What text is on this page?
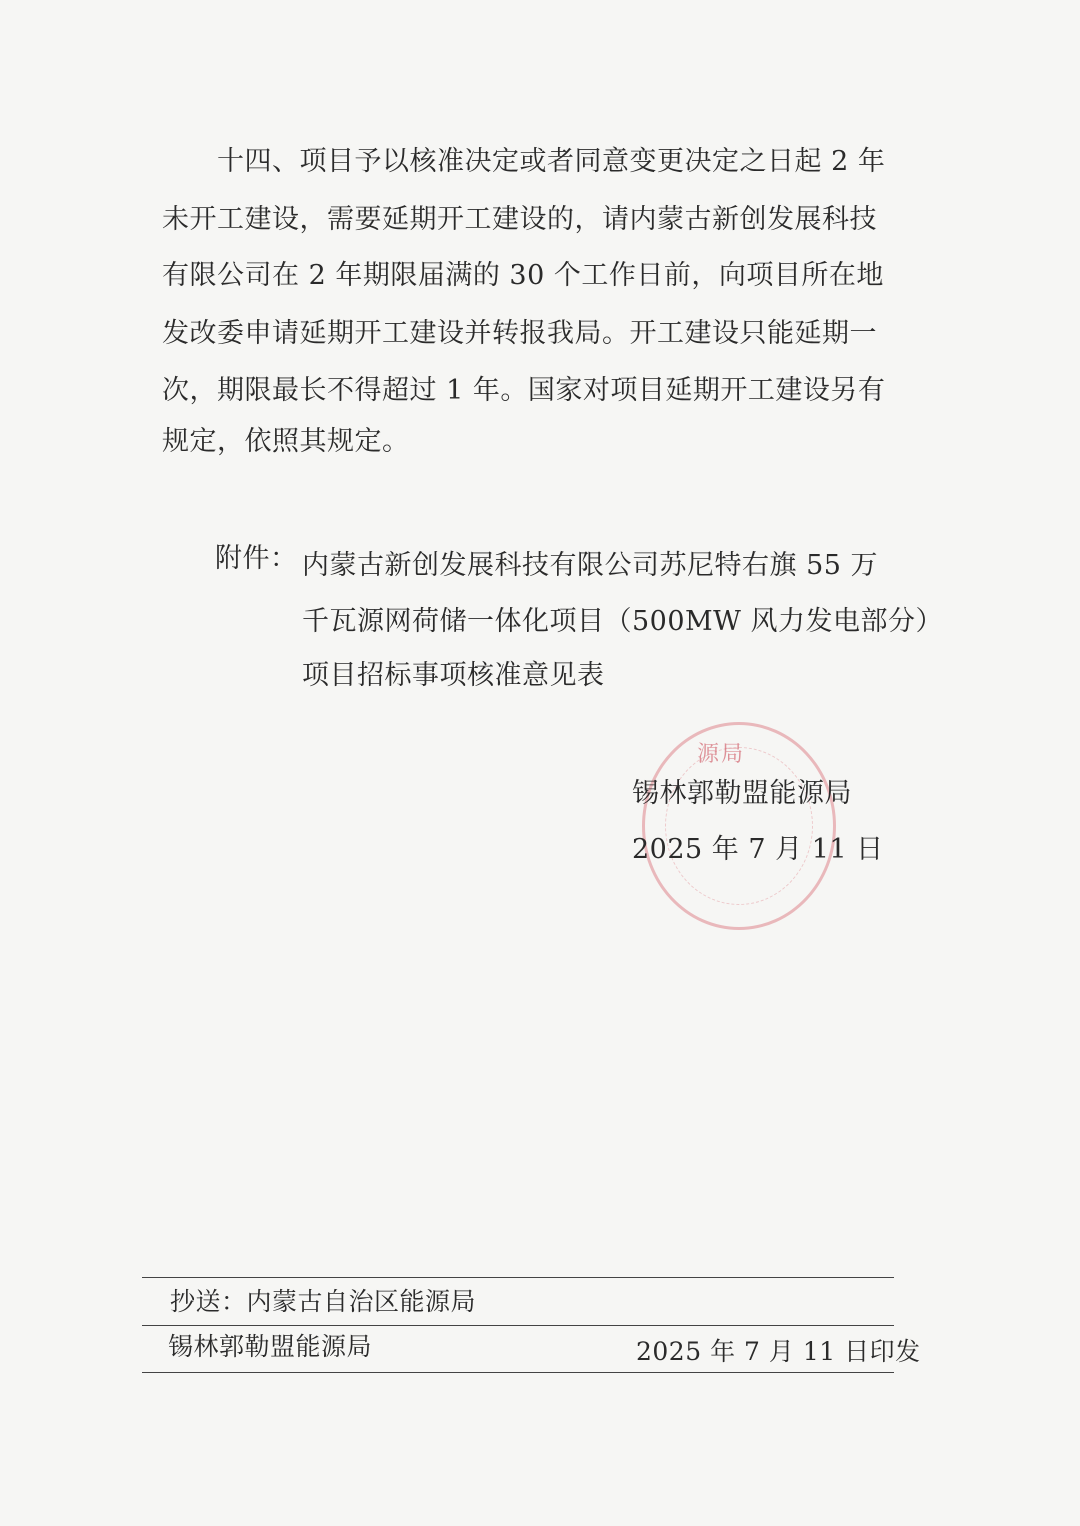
　　十四、项目予以核准决定或者同意变更决定之日起 2 年
未开工建设，需要延期开工建设的，请内蒙古新创发展科技
有限公司在 2 年期限届满的 30 个工作日前，向项目所在地
发改委申请延期开工建设并转报我局。开工建设只能延期一
次，期限最长不得超过 1 年。国家对项目延期开工建设另有
规定，依照其规定。
附件： 内蒙古新创发展科技有限公司苏尼特右旗 55 万
千瓦源网荷储一体化项目（500MW 风力发电部分）
项目招标事项核准意见表
源局
锡林郭勒盟能源局
2025 年 7 月 11 日
抄送：内蒙古自治区能源局
锡林郭勒盟能源局	2025 年 7 月 11 日印发
